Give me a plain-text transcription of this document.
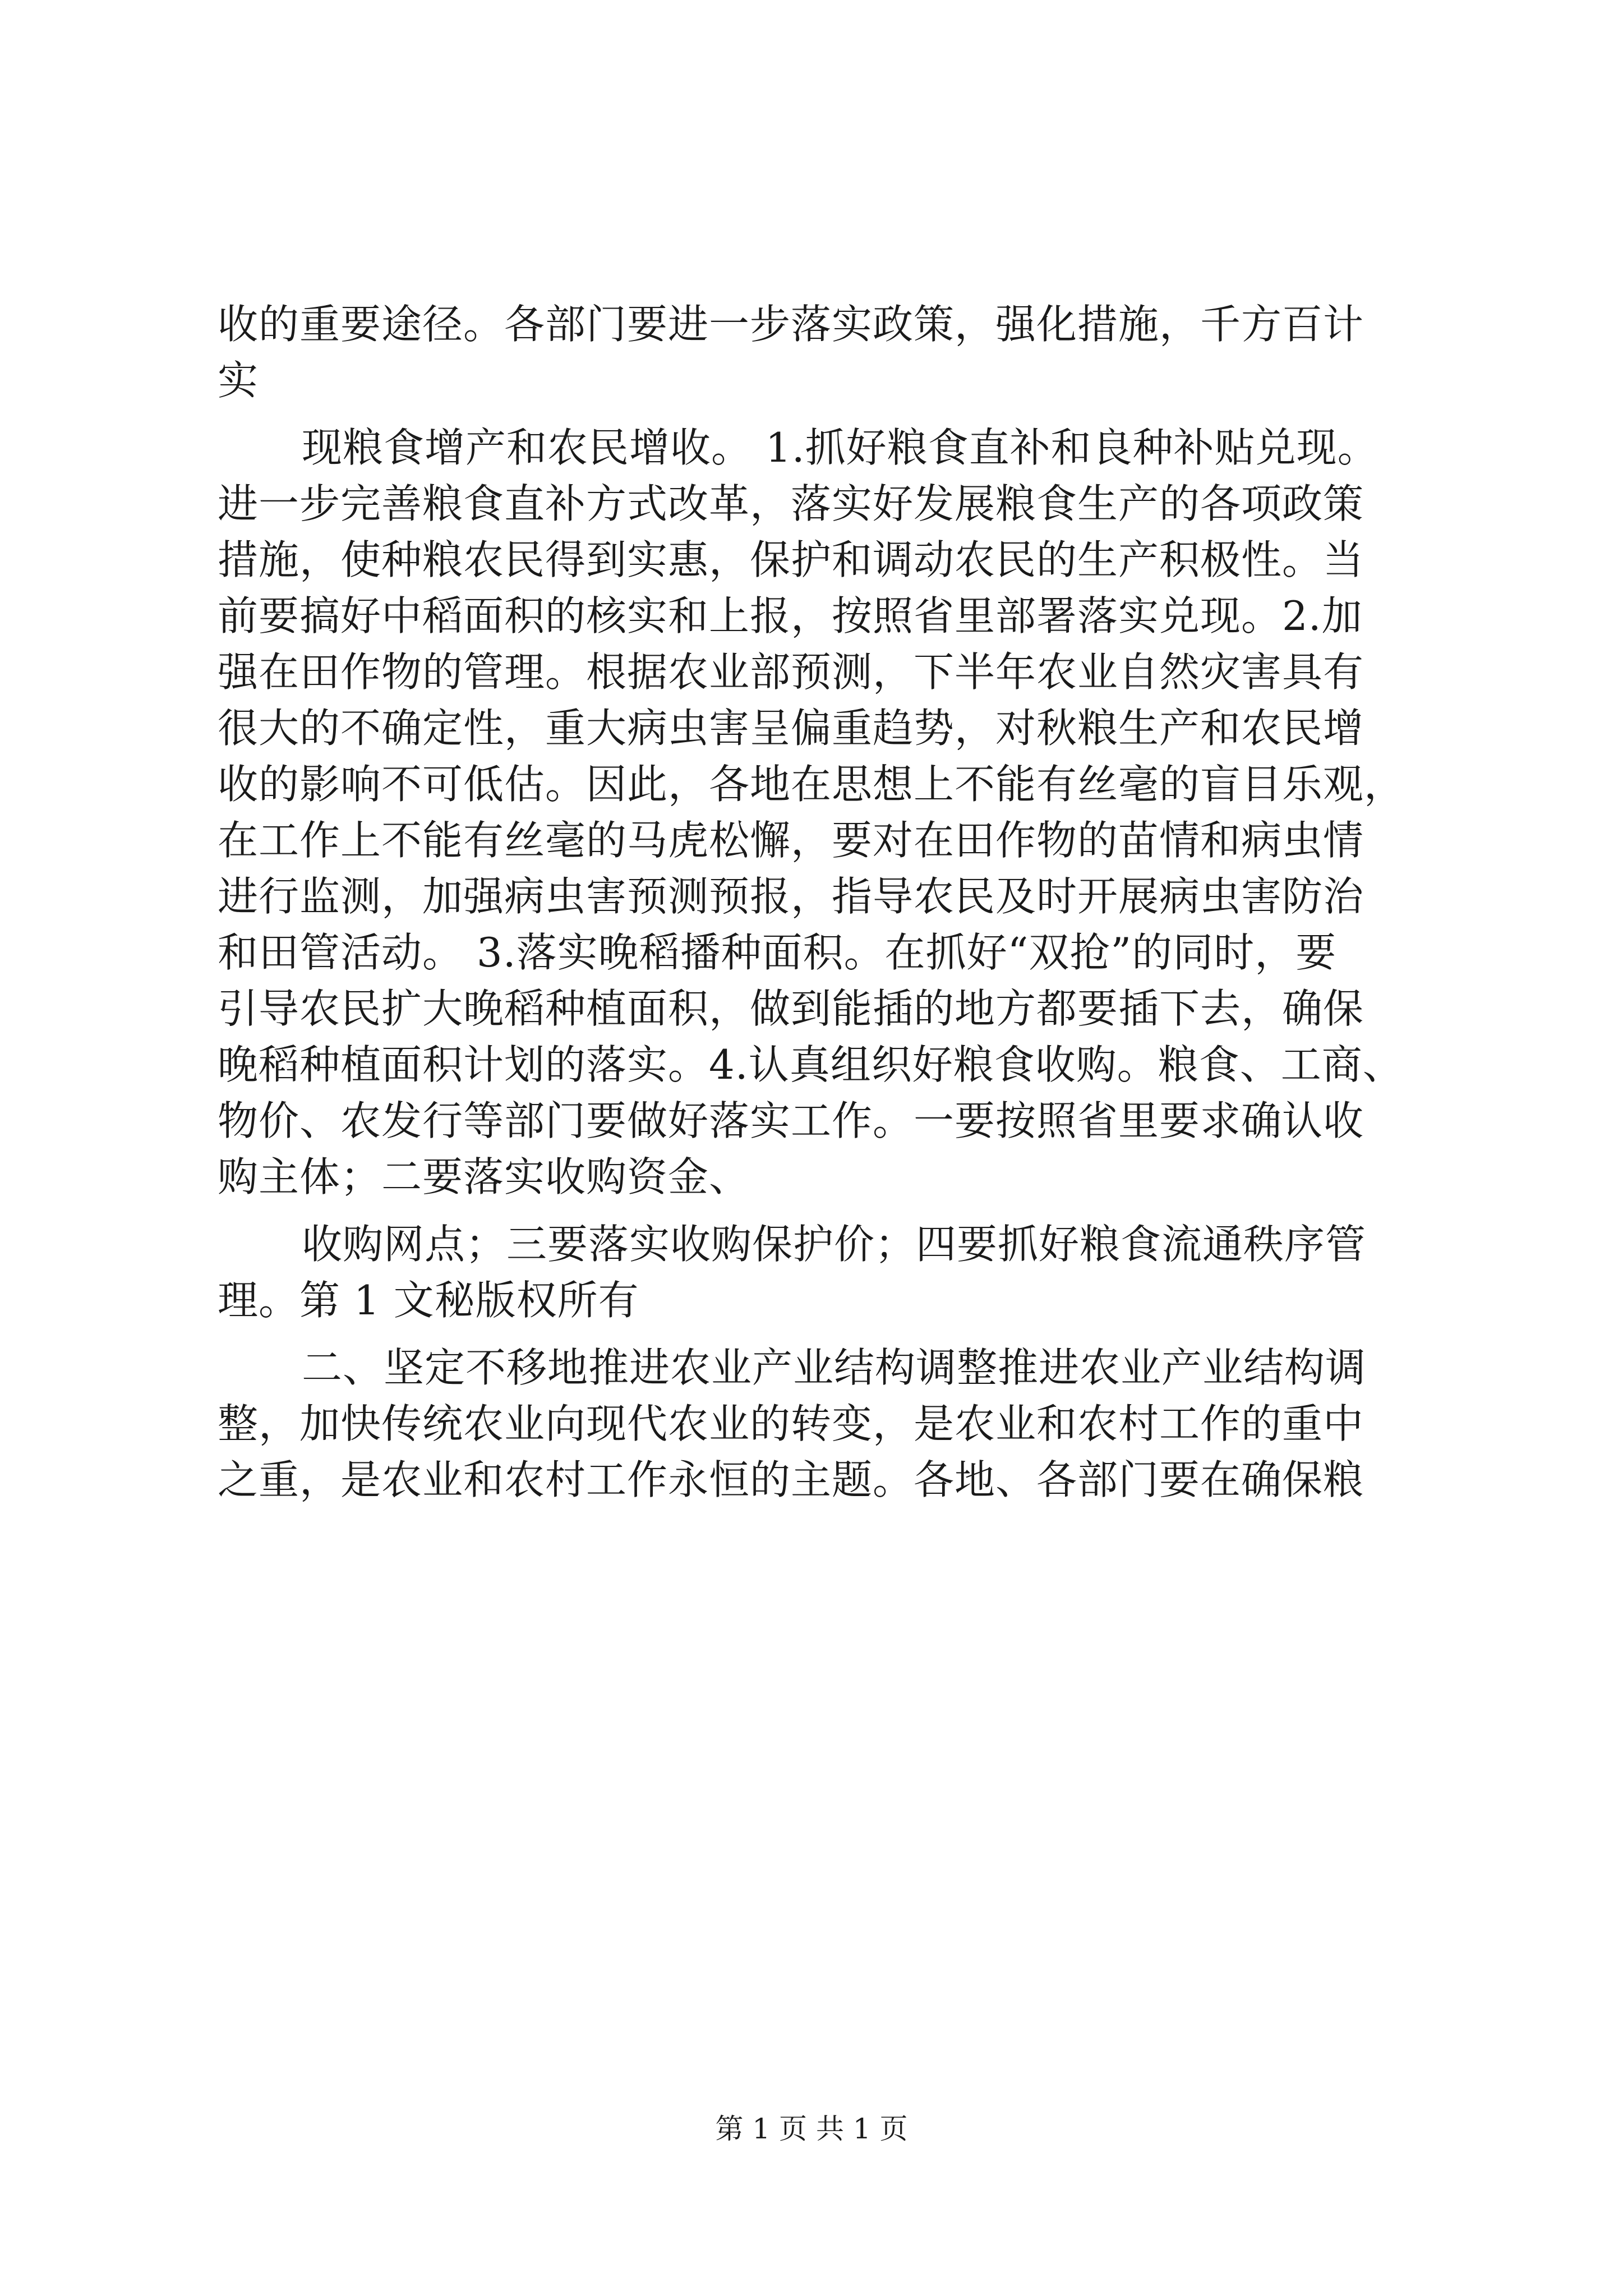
收的重要途径。各部门要进一步落实政策，强化措施，千方百计
实
现粮食增产和农民增收。 1.抓好粮食直补和良种补贴兑现。
进一步完善粮食直补方式改革，落实好发展粮食生产的各项政策
措施，使种粮农民得到实惠，保护和调动农民的生产积极性。当
前要搞好中稻面积的核实和上报，按照省里部署落实兑现。2.加
强在田作物的管理。根据农业部预测，下半年农业自然灾害具有
很大的不确定性，重大病虫害呈偏重趋势，对秋粮生产和农民增
收的影响不可低估。因此，各地在思想上不能有丝毫的盲目乐观，
在工作上不能有丝毫的马虎松懈，要对在田作物的苗情和病虫情
进行监测，加强病虫害预测预报，指导农民及时开展病虫害防治
和田管活动。 3.落实晚稻播种面积。在抓好“双抢”的同时，要
引导农民扩大晚稻种植面积，做到能插的地方都要插下去，确保
晚稻种植面积计划的落实。4.认真组织好粮食收购。粮食、工商、
物价、农发行等部门要做好落实工作。一要按照省里要求确认收
购主体；二要落实收购资金、
收购网点；三要落实收购保护价；四要抓好粮食流通秩序管
理。第 1 文秘版权所有
二、坚定不移地推进农业产业结构调整推进农业产业结构调
整，加快传统农业向现代农业的转变，是农业和农村工作的重中
之重，是农业和农村工作永恒的主题。各地、各部门要在确保粮
第 1 页 共 1 页
